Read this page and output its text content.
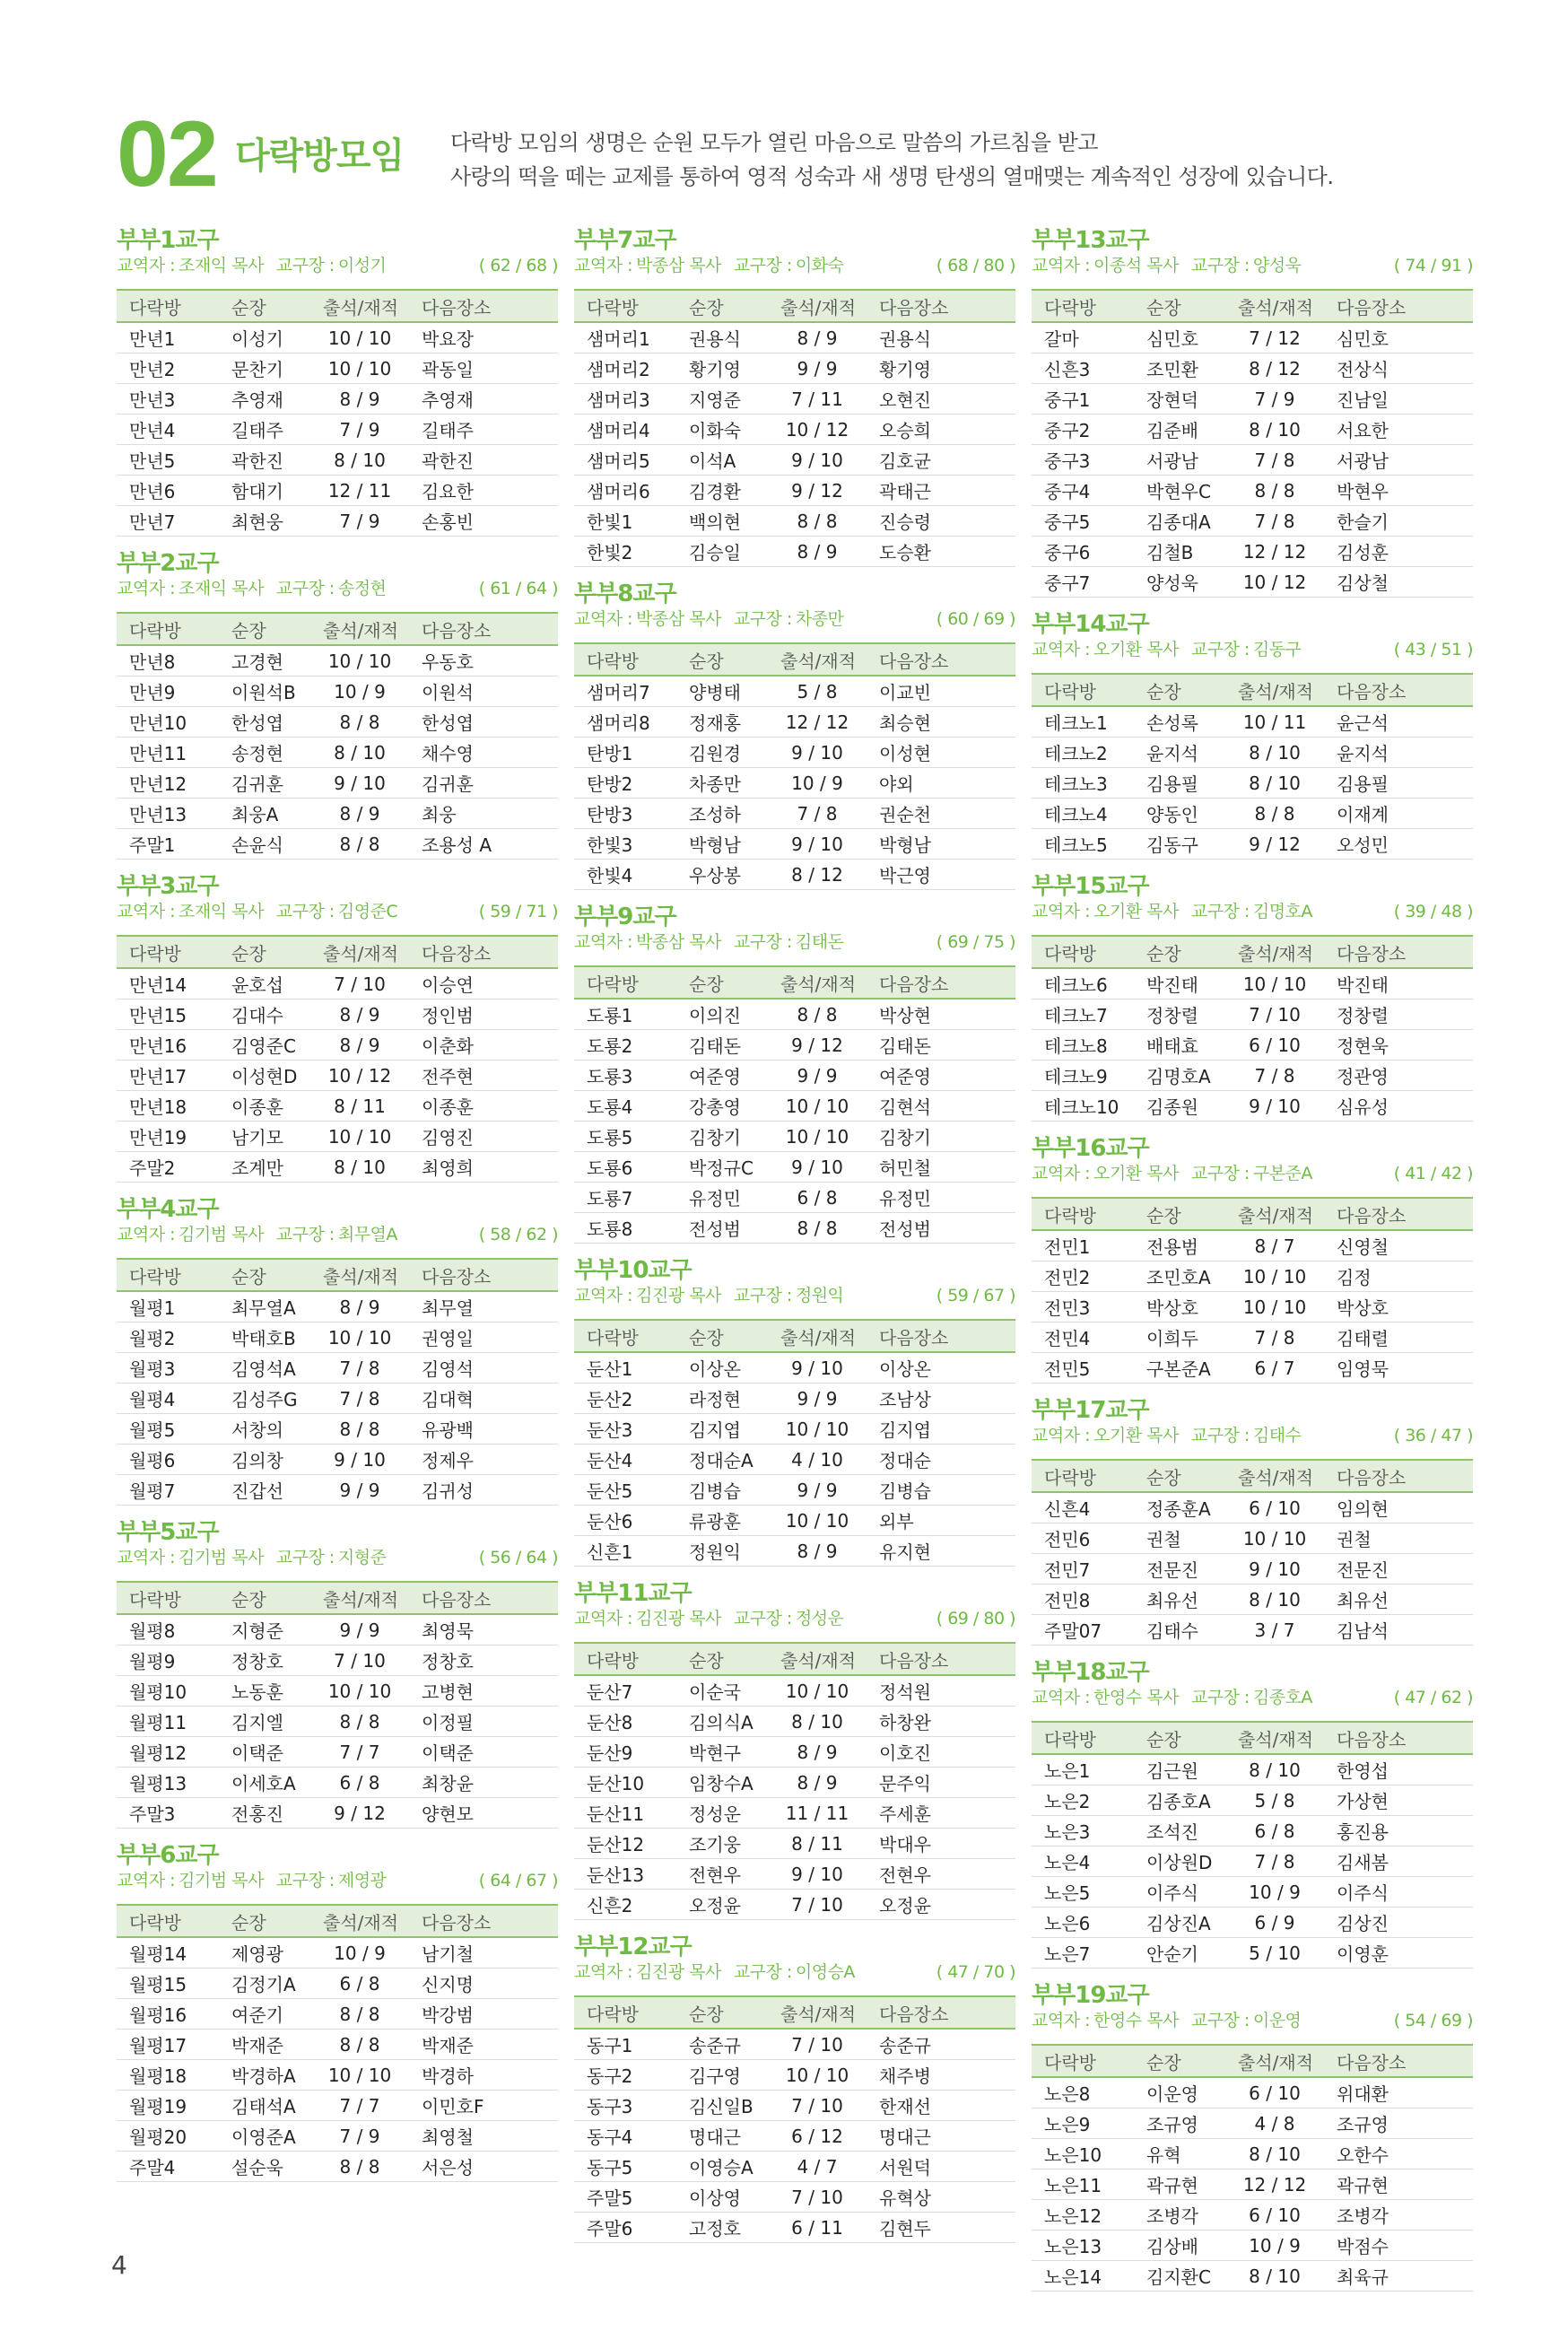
02 다락방모임 다락방 모임의 생명은 순원 모두가 열린 마음으로 말씀의 가르침을 받고
사랑의 떡을 떼는 교제를 통하여 영적 성숙과 새 생명 탄생의 열매맺는 계속적인 성장에 있습니다.
부부1교구
교역자 : 조재익 목사 교구장 : 이성기	( 62 / 68 )
다락방	순장	출석/재적	다음장소
만년1	이성기	10 / 10	박요장
만년2	문찬기	10 / 10	곽동일
만년3	추영재	8 / 9	추영재
만년4	길태주	7 / 9	길태주
만년5	곽한진	8 / 10	곽한진
만년6	함대기	12 / 11	김요한
만년7	최현웅	7 / 9	손홍빈
부부2교구
교역자 : 조재익 목사 교구장 : 송정현	( 61 / 64 )
다락방	순장	출석/재적	다음장소
만년8	고경현	10 / 10	우동호
만년9	이원석B	10 / 9	이원석
만년10	한성엽	8 / 8	한성엽
만년11	송정현	8 / 10	채수영
만년12	김귀훈	9 / 10	김귀훈
만년13	최웅A	8 / 9	최웅
주말1	손윤식	8 / 8	조용성 A
부부3교구
교역자 : 조재익 목사 교구장 : 김영준C	( 59 / 71 )
다락방	순장	출석/재적	다음장소
만년14	윤호섭	7 / 10	이승연
만년15	김대수	8 / 9	정인범
만년16	김영준C	8 / 9	이춘화
만년17	이성현D	10 / 12	전주현
만년18	이종훈	8 / 11	이종훈
만년19	남기모	10 / 10	김영진
주말2	조계만	8 / 10	최영희
부부4교구
교역자 : 김기범 목사 교구장 : 최무열A	( 58 / 62 )
다락방	순장	출석/재적	다음장소
월평1	최무열A	8 / 9	최무열
월평2	박태호B	10 / 10	권영일
월평3	김영석A	7 / 8	김영석
월평4	김성주G	7 / 8	김대혁
월평5	서창의	8 / 8	유광백
월평6	김의창	9 / 10	정제우
월평7	진갑선	9 / 9	김귀성
부부5교구
교역자 : 김기범 목사 교구장 : 지형준	( 56 / 64 )
다락방	순장	출석/재적	다음장소
월평8	지형준	9 / 9	최영묵
월평9	정창호	7 / 10	정창호
월평10	노동훈	10 / 10	고병현
월평11	김지엘	8 / 8	이정필
월평12	이택준	7 / 7	이택준
월평13	이세호A	6 / 8	최창윤
주말3	전홍진	9 / 12	양현모
부부6교구
교역자 : 김기범 목사 교구장 : 제영광	( 64 / 67 )
다락방	순장	출석/재적	다음장소
월평14	제영광	10 / 9	남기철
월평15	김정기A	6 / 8	신지명
월평16	여준기	8 / 8	박강범
월평17	박재준	8 / 8	박재준
월평18	박경하A	10 / 10	박경하
월평19	김태석A	7 / 7	이민호F
월평20	이영준A	7 / 9	최영철
주말4	설순욱	8 / 8	서은성
부부7교구
교역자 : 박종삼 목사 교구장 : 이화숙	( 68 / 80 )
다락방	순장	출석/재적	다음장소
샘머리1	권용식	8 / 9	권용식
샘머리2	황기영	9 / 9	황기영
샘머리3	지영준	7 / 11	오현진
샘머리4	이화숙	10 / 12	오승희
샘머리5	이석A	9 / 10	김호균
샘머리6	김경환	9 / 12	곽태근
한빛1	백의현	8 / 8	진승령
한빛2	김승일	8 / 9	도승환
부부8교구
교역자 : 박종삼 목사 교구장 : 차종만	( 60 / 69 )
다락방	순장	출석/재적	다음장소
샘머리7	양병태	5 / 8	이교빈
샘머리8	정재홍	12 / 12	최승현
탄방1	김원경	9 / 10	이성현
탄방2	차종만	10 / 9	야외
탄방3	조성하	7 / 8	권순천
한빛3	박형남	9 / 10	박형남
한빛4	우상봉	8 / 12	박근영
부부9교구
교역자 : 박종삼 목사 교구장 : 김태돈	( 69 / 75 )
다락방	순장	출석/재적	다음장소
도룡1	이의진	8 / 8	박상현
도룡2	김태돈	9 / 12	김태돈
도룡3	여준영	9 / 9	여준영
도룡4	강총영	10 / 10	김현석
도룡5	김창기	10 / 10	김창기
도룡6	박정규C	9 / 10	허민철
도룡7	유정민	6 / 8	유정민
도룡8	전성범	8 / 8	전성범
부부10교구
교역자 : 김진광 목사 교구장 : 정원익	( 59 / 67 )
다락방	순장	출석/재적	다음장소
둔산1	이상온	9 / 10	이상온
둔산2	라정현	9 / 9	조남상
둔산3	김지엽	10 / 10	김지엽
둔산4	정대순A	4 / 10	정대순
둔산5	김병습	9 / 9	김병습
둔산6	류광훈	10 / 10	외부
신흔1	정원익	8 / 9	유지현
부부11교구
교역자 : 김진광 목사 교구장 : 정성운	( 69 / 80 )
다락방	순장	출석/재적	다음장소
둔산7	이순국	10 / 10	정석원
둔산8	김의식A	8 / 10	하창완
둔산9	박현구	8 / 9	이호진
둔산10	임창수A	8 / 9	문주익
둔산11	정성운	11 / 11	주세훈
둔산12	조기웅	8 / 11	박대우
둔산13	전현우	9 / 10	전현우
신흔2	오정윤	7 / 10	오정윤
부부12교구
교역자 : 김진광 목사 교구장 : 이영승A	( 47 / 70 )
다락방	순장	출석/재적	다음장소
동구1	송준규	7 / 10	송준규
동구2	김구영	10 / 10	채주병
동구3	김신일B	7 / 10	한재선
동구4	명대근	6 / 12	명대근
동구5	이영승A	4 / 7	서원덕
주말5	이상영	7 / 10	유혁상
주말6	고정호	6 / 11	김현두
부부13교구
교역자 : 이종석 목사 교구장 : 양성욱	( 74 / 91 )
다락방	순장	출석/재적	다음장소
갈마	심민호	7 / 12	심민호
신흔3	조민환	8 / 12	전상식
중구1	장현덕	7 / 9	진남일
중구2	김준배	8 / 10	서요한
중구3	서광남	7 / 8	서광남
중구4	박현우C	8 / 8	박현우
중구5	김종대A	7 / 8	한슬기
중구6	김철B	12 / 12	김성훈
중구7	양성욱	10 / 12	김상철
부부14교구
교역자 : 오기환 목사 교구장 : 김동구	( 43 / 51 )
다락방	순장	출석/재적	다음장소
테크노1	손성록	10 / 11	윤근석
테크노2	윤지석	8 / 10	윤지석
테크노3	김용필	8 / 10	김용필
테크노4	양동인	8 / 8	이재계
테크노5	김동구	9 / 12	오성민
부부15교구
교역자 : 오기환 목사 교구장 : 김명호A	( 39 / 48 )
다락방	순장	출석/재적	다음장소
테크노6	박진태	10 / 10	박진태
테크노7	정창렬	7 / 10	정창렬
테크노8	배태효	6 / 10	정현욱
테크노9	김명호A	7 / 8	정관영
테크노10	김종원	9 / 10	심유성
부부16교구
교역자 : 오기환 목사 교구장 : 구본준A	( 41 / 42 )
다락방	순장	출석/재적	다음장소
전민1	전용범	8 / 7	신영철
전민2	조민호A	10 / 10	김정
전민3	박상호	10 / 10	박상호
전민4	이희두	7 / 8	김태렬
전민5	구본준A	6 / 7	임영묵
부부17교구
교역자 : 오기환 목사 교구장 : 김태수	( 36 / 47 )
다락방	순장	출석/재적	다음장소
신흔4	정종훈A	6 / 10	임의현
전민6	권철	10 / 10	권철
전민7	전문진	9 / 10	전문진
전민8	최유선	8 / 10	최유선
주말07	김태수	3 / 7	김남석
부부18교구
교역자 : 한영수 목사 교구장 : 김종호A	( 47 / 62 )
다락방	순장	출석/재적	다음장소
노은1	김근원	8 / 10	한영섭
노은2	김종호A	5 / 8	가상현
노은3	조석진	6 / 8	홍진용
노은4	이상원D	7 / 8	김새봄
노은5	이주식	10 / 9	이주식
노은6	김상진A	6 / 9	김상진
노은7	안순기	5 / 10	이영훈
부부19교구
교역자 : 한영수 목사 교구장 : 이운영	( 54 / 69 )
다락방	순장	출석/재적	다음장소
노은8	이운영	6 / 10	위대환
노은9	조규영	4 / 8	조규영
노은10	유혁	8 / 10	오한수
노은11	곽규현	12 / 12	곽규현
노은12	조병각	6 / 10	조병각
노은13	김상배	10 / 9	박점수
노은14	김지환C	8 / 10	최육규
4
